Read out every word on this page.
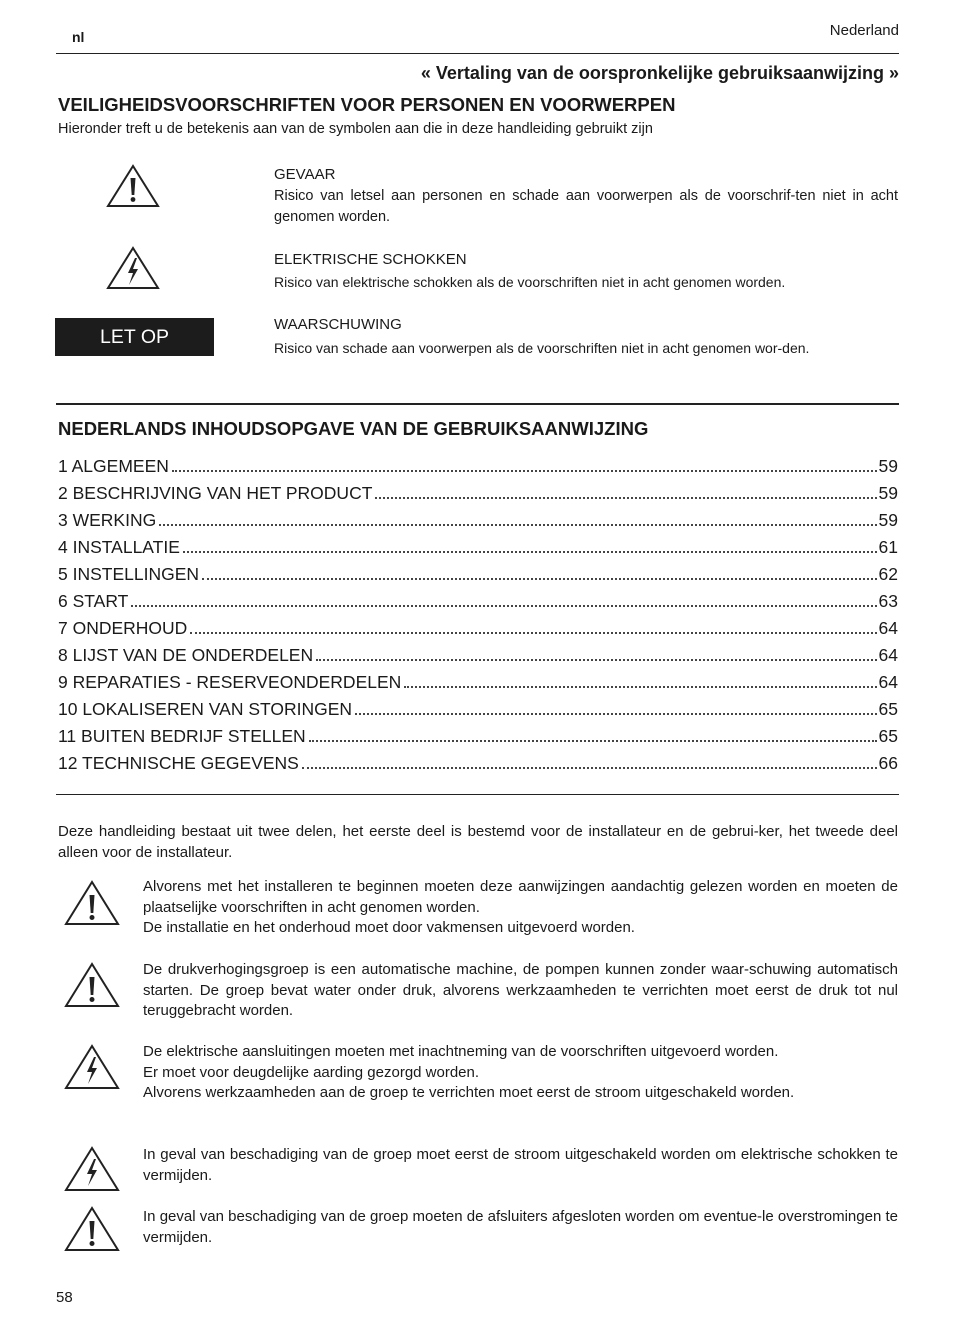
nl	Nederland
« Vertaling van de oorspronkelijke gebruiksaanwijzing »
VEILIGHEIDSVOORSCHRIFTEN VOOR PERSONEN EN VOORWERPEN
Hieronder treft u de betekenis aan van de symbolen aan die in deze handleiding gebruikt zijn
GEVAAR
Risico van letsel aan personen en schade aan voorwerpen als de voorschrif-ten niet in acht genomen worden.
ELEKTRISCHE SCHOKKEN
Risico van elektrische schokken als de voorschriften niet in acht genomen worden.
LET OP
WAARSCHUWING
Risico van schade aan voorwerpen als de voorschriften niet in acht genomen wor-den.
NEDERLANDS INHOUDSOPGAVE VAN DE GEBRUIKSAANWIJZING
1 ALGEMEEN	59
2 BESCHRIJVING VAN HET PRODUCT	59
3 WERKING	59
4 INSTALLATIE	61
5 INSTELLINGEN	62
6 START	63
7 ONDERHOUD	64
8 LIJST VAN DE ONDERDELEN	64
9 REPARATIES - RESERVEONDERDELEN	64
10 LOKALISEREN VAN STORINGEN	65
11 BUITEN BEDRIJF STELLEN	65
12 TECHNISCHE GEGEVENS	66
Deze handleiding bestaat uit twee delen, het eerste deel is bestemd voor de installateur en de gebrui-ker, het tweede deel alleen voor de installateur.
Alvorens met het installeren te beginnen moeten deze aanwijzingen aandachtig gelezen worden en moeten de plaatselijke voorschriften in acht genomen worden.
De installatie en het onderhoud moet door vakmensen uitgevoerd worden.
De drukverhogingsgroep is een automatische machine, de pompen kunnen zonder waar-schuwing automatisch starten. De groep bevat water onder druk, alvorens werkzaamheden te verrichten moet eerst de druk tot nul teruggebracht worden.
De elektrische aansluitingen moeten met inachtneming van de voorschriften uitgevoerd worden.
Er moet voor deugdelijke aarding gezorgd worden.
Alvorens werkzaamheden aan de groep te verrichten moet eerst de stroom uitgeschakeld worden.
In geval van beschadiging van de groep moet eerst de stroom uitgeschakeld worden om elektrische schokken te vermijden.
In geval van beschadiging van de groep moeten de afsluiters afgesloten worden om eventue-le overstromingen te vermijden.
58
